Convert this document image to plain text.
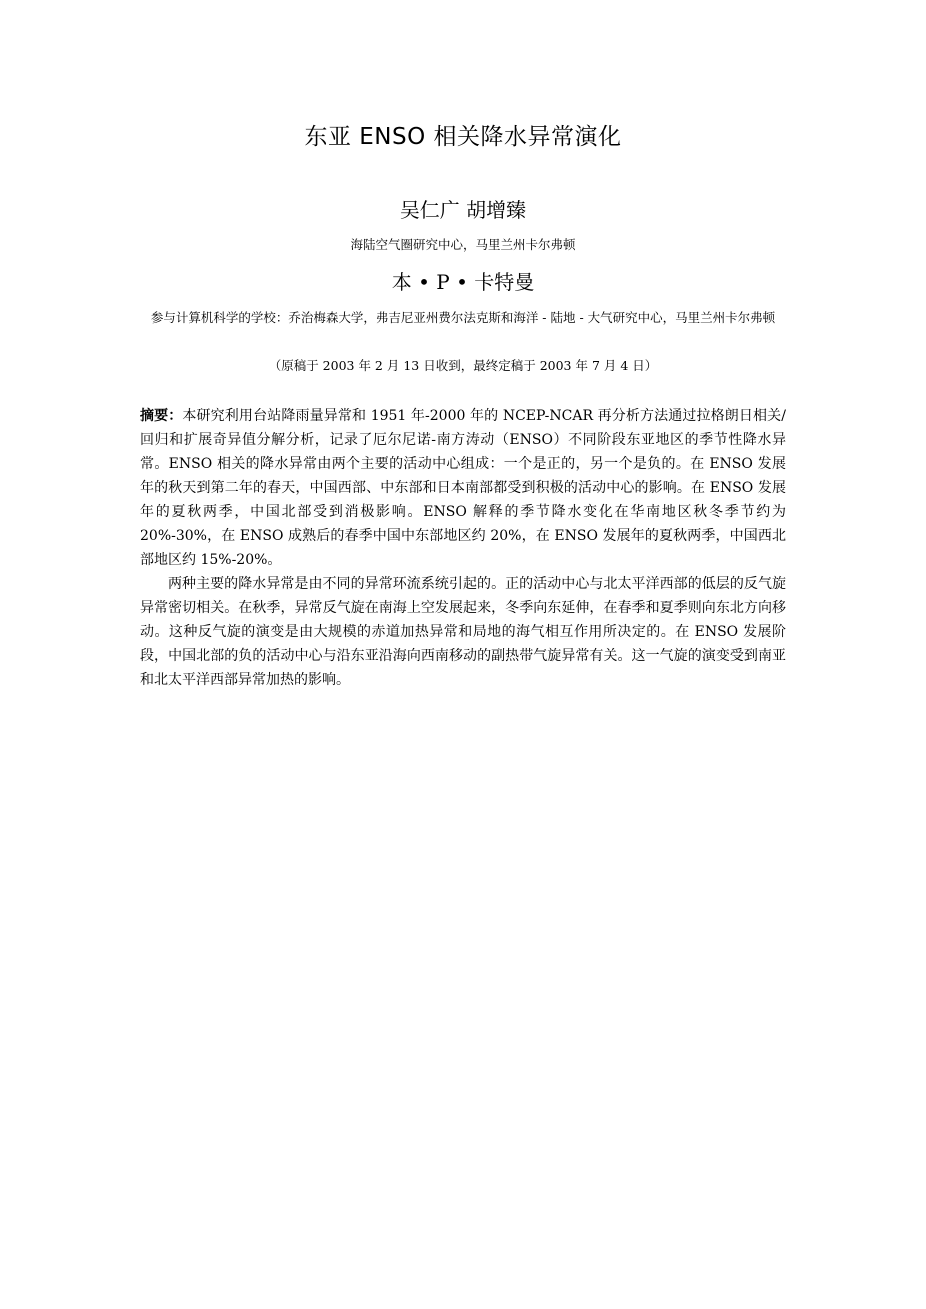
东亚 ENSO 相关降水异常演化
吴仁广 胡增臻
海陆空气圈研究中心，马里兰州卡尔弗顿
本 • P • 卡特曼
参与计算机科学的学校：乔治梅森大学，弗吉尼亚州费尔法克斯和海洋 - 陆地 - 大气研究中心，马里兰州卡尔弗顿
（原稿于 2003 年 2 月 13 日收到，最终定稿于 2003 年 7 月 4 日）

摘要：本研究利用台站降雨量异常和 1951 年-2000 年的 NCEP-NCAR 再分析方法通过拉格朗日相关/回归和扩展奇异值分解分析，记录了厄尔尼诺-南方涛动（ENSO）不同阶段东亚地区的季节性降水异常。ENSO 相关的降水异常由两个主要的活动中心组成：一个是正的，另一个是负的。在 ENSO 发展年的秋天到第二年的春天，中国西部、中东部和日本南部都受到积极的活动中心的影响。在 ENSO 发展年的夏秋两季，中国北部受到消极影响。ENSO 解释的季节降水变化在华南地区秋冬季节约为 20%-30%，在 ENSO 成熟后的春季中国中东部地区约 20%，在 ENSO 发展年的夏秋两季，中国西北部地区约 15%-20%。

两种主要的降水异常是由不同的异常环流系统引起的。正的活动中心与北太平洋西部的低层的反气旋异常密切相关。在秋季，异常反气旋在南海上空发展起来，冬季向东延伸，在春季和夏季则向东北方向移动。这种反气旋的演变是由大规模的赤道加热异常和局地的海气相互作用所决定的。在 ENSO 发展阶段，中国北部的负的活动中心与沿东亚沿海向西南移动的副热带气旋异常有关。这一气旋的演变受到南亚和北太平洋西部异常加热的影响。
